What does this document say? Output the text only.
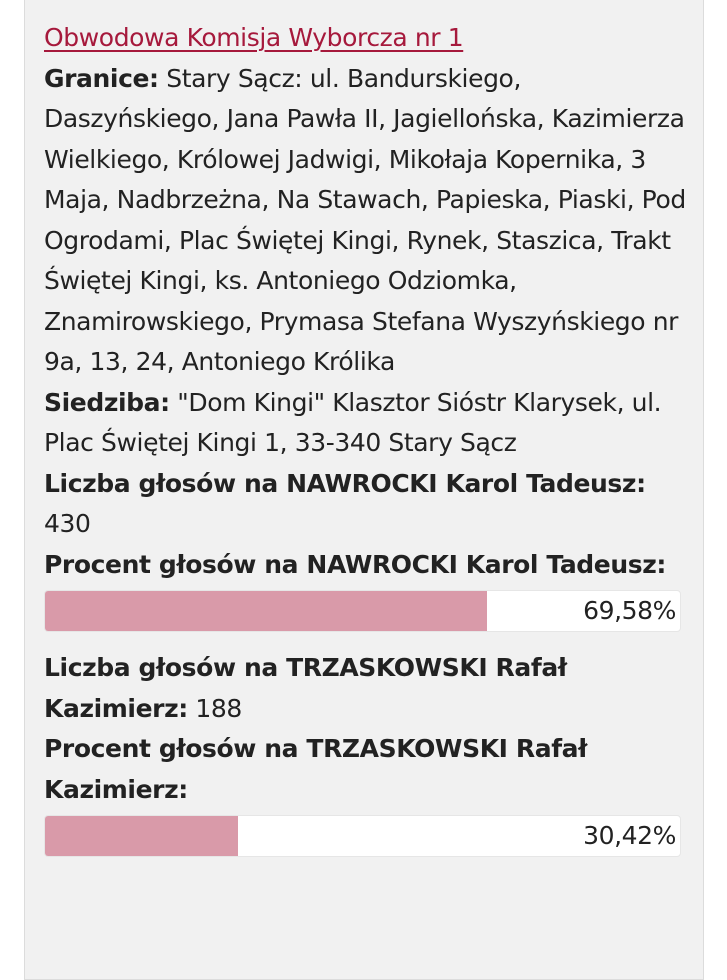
Obwodowa Komisja Wyborcza nr 1

Granice: Stary Sącz: ul. Bandurskiego, Daszyńskiego, Jana Pawła II, Jagiellońska, Kazimierza Wielkiego, Królowej Jadwigi, Mikołaja Kopernika, 3 Maja, Nadbrzeżna, Na Stawach, Papieska, Piaski, Pod Ogrodami, Plac Świętej Kingi, Rynek, Staszica, Trakt Świętej Kingi, ks. Antoniego Odziomka, Znamirowskiego, Prymasa Stefana Wyszyńskiego nr 9a, 13, 24, Antoniego Królika

Siedziba: "Dom Kingi" Klasztor Sióstr Klarysek, ul. Plac Świętej Kingi 1, 33-340 Stary Sącz

Liczba głosów na NAWROCKI Karol Tadeusz: 430

Procent głosów na NAWROCKI Karol Tadeusz:

69,58%

Liczba głosów na TRZASKOWSKI Rafał Kazimierz: 188

Procent głosów na TRZASKOWSKI Rafał Kazimierz:

30,42%
